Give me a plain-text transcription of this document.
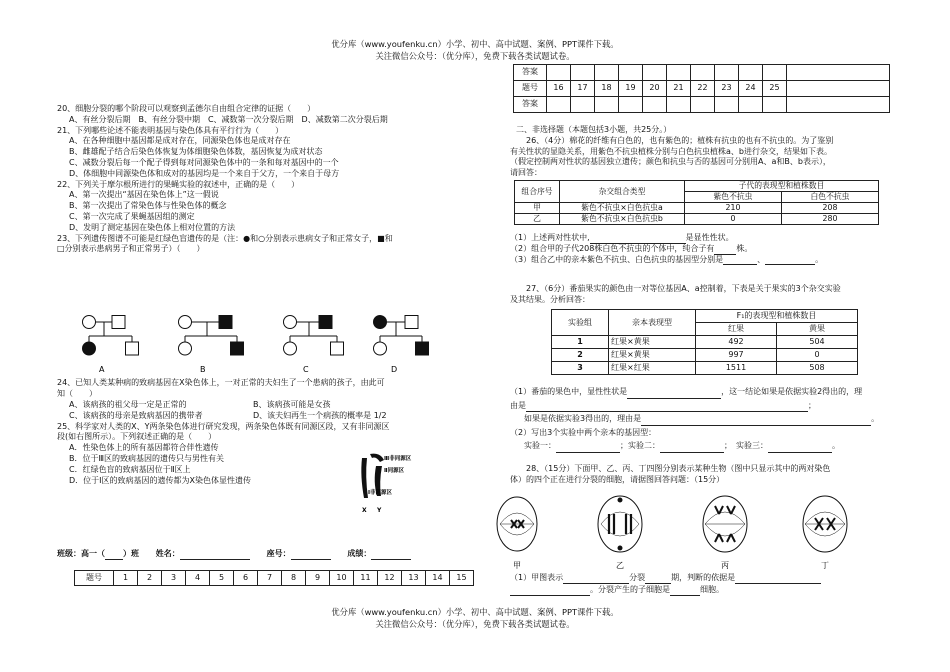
优分库（www.youfenku.cn）小学、初中、高中试题、案例、PPT课件下载。
关注微信公众号：（优分库），免费下载各类试题试卷。
20、细胞分裂的哪个阶段可以观察到孟德尔自由组合定律的证据（　　）
A、有丝分裂后期　B、有丝分裂中期　C、减数第一次分裂后期　D、减数第二次分裂后期
21、下列哪些论述不能表明基因与染色体具有平行行为（　　）
A、在各种细胞中基因都是成对存在，同源染色体也是成对存在
B、雌雄配子结合后染色体恢复为体细胞染色体数，基因恢复为成对状态
C、减数分裂后每一个配子得到每对同源染色体中的一条和每对基因中的一个
D、体细胞中同源染色体和成对的基因均是一个来自于父方，一个来自于母方
22、下列关于摩尔根所进行的果蝇实验的叙述中，正确的是（　　）
A、第一次提出“基因在染色体上”这一假说
B、第一次提出了常染色体与性染色体的概念
C、第一次完成了果蝇基因组的测定
D、发明了测定基因在染色体上相对位置的方法
23、下列遗传图谱不可能是红绿色盲遗传的是（注：●和○分别表示患病女子和正常女子，■和
□分别表示患病男子和正常男子）（　　）
A	B	C	D
24、已知人类某种病的致病基因在X染色体上，一对正常的夫妇生了一个患病的孩子，由此可
知（　　）
A、该病孩的祖父母一定是正常的	B、该病孩可能是女孩
C、该病孩的母亲是致病基因的携带者	D、该夫妇再生一个病孩的概率是 1/2
25、科学家对人类的X、Y两条染色体进行研究发现，两条染色体既有同源区段，又有非同源区
段(如右图所示）。下列叙述正确的是（　　）
A．性染色体上的所有基因都符合伴性遗传
B．位于Ⅲ区的致病基因的遗传只与男性有关
C．红绿色盲的致病基因位于Ⅱ区上
D．位于Ⅰ区的致病基因的遗传都为X染色体显性遗传
Ⅲ非同源区
Ⅱ同源区
Ⅰ非同源区
X Y
班级：高一（ ）班 姓名：	座号：	成绩：
题号	1	2	3	4	5	6	7	8	9	10	11	12	13	14	15
答案											
题号	16	17	18	19	20	21	22	23	24	25	
答案											
二、非选择题（本题包括3小题，共25分。）
26、（4分）棉花的纤维有白色的，也有紫色的；植株有抗虫的也有不抗虫的。为了鉴别
有关性状的显隐关系，用紫色不抗虫植株分别与白色抗虫植株a、b进行杂交，结果如下表。
（假定控制两对性状的基因独立遗传；颜色和抗虫与否的基因可分别用A、a和B、b表示），
请回答：
组合序号	杂交组合类型	子代的表现型和植株数目	
		紫色不抗虫	白色不抗虫
甲	紫色不抗虫×白色抗虫a	210	208
乙	紫色不抗虫×白色抗虫b	0	280
（1）上述两对性状中,	是显性性状。
（2）组合甲的子代208株白色不抗虫的个体中，纯合子有	株。
（3）组合乙中的亲本紫色不抗虫、白色抗虫的基因型分别是	、	。
27、（6分）番茄果实的颜色由一对等位基因A、a控制着，下表是关于果实的3个杂交实验
及其结果。分析回答：
实验组	亲本表现型	F₁的表现型和植株数目	
		红果	黄果
1	红果×黄果	492	504
2	红果×黄果	997	0
3	红果×红果	1511	508
（1）番茄的果色中，显性性状是	，这一结论如果是依据实验2得出的，理
由是	；
如果是依据实验3得出的，理由是	。
（2）写出3个实验中两个亲本的基因型：
实验一：	；实验二：	；　实验三：	。
28、（15分）下面甲、乙、丙、丁四图分别表示某种生物（图中只显示其中的两对染色
体）的四个正在进行分裂的细胞，请据图回答问题：（15分）
甲	乙	丙	丁
（1）甲图表示	分裂	期，判断的依据是
。分裂产生的子细胞是	细胞。
优分库（www.youfenku.cn）小学、初中、高中试题、案例、PPT课件下载。
关注微信公众号：（优分库），免费下载各类试题试卷。
